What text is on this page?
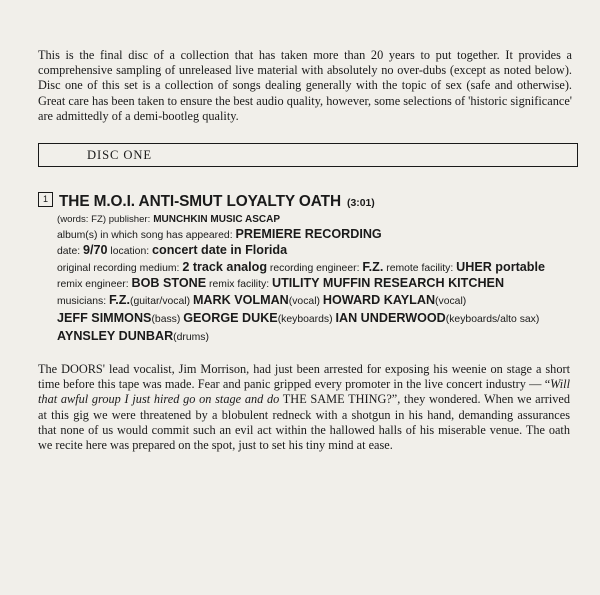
This is the final disc of a collection that has taken more than 20 years to put together. It provides a comprehensive sampling of unreleased live material with absolutely no over-dubs (except as noted below). Disc one of this set is a collection of songs dealing generally with the topic of sex (safe and otherwise). Great care has been taken to ensure the best audio quality, however, some selections of 'historic significance' are admittedly of a demi-bootleg quality.

DISC ONE
1 THE M.O.I. ANTI-SMUT LOYALTY OATH (3:01)
(words: FZ) publisher: MUNCHKIN MUSIC ASCAP
album(s) in which song has appeared: PREMIERE RECORDING
date: 9/70 location: concert date in Florida
original recording medium: 2 track analog recording engineer: F.Z. remote facility: UHER portable
remix engineer: BOB STONE remix facility: UTILITY MUFFIN RESEARCH KITCHEN
musicians: F.Z.(guitar/vocal) MARK VOLMAN(vocal) HOWARD KAYLAN(vocal)
JEFF SIMMONS(bass) GEORGE DUKE(keyboards) IAN UNDERWOOD(keyboards/alto sax)
AYNSLEY DUNBAR(drums)

The DOORS' lead vocalist, Jim Morrison, had just been arrested for exposing his weenie on stage a short time before this tape was made. Fear and panic gripped every promoter in the live concert industry — “Will that awful group I just hired go on stage and do THE SAME THING?”, they wondered. When we arrived at this gig we were threatened by a blobulent redneck with a shotgun in his hand, demanding assurances that none of us would commit such an evil act within the hallowed halls of his miserable venue. The oath we recite here was prepared on the spot, just to set his tiny mind at ease.
